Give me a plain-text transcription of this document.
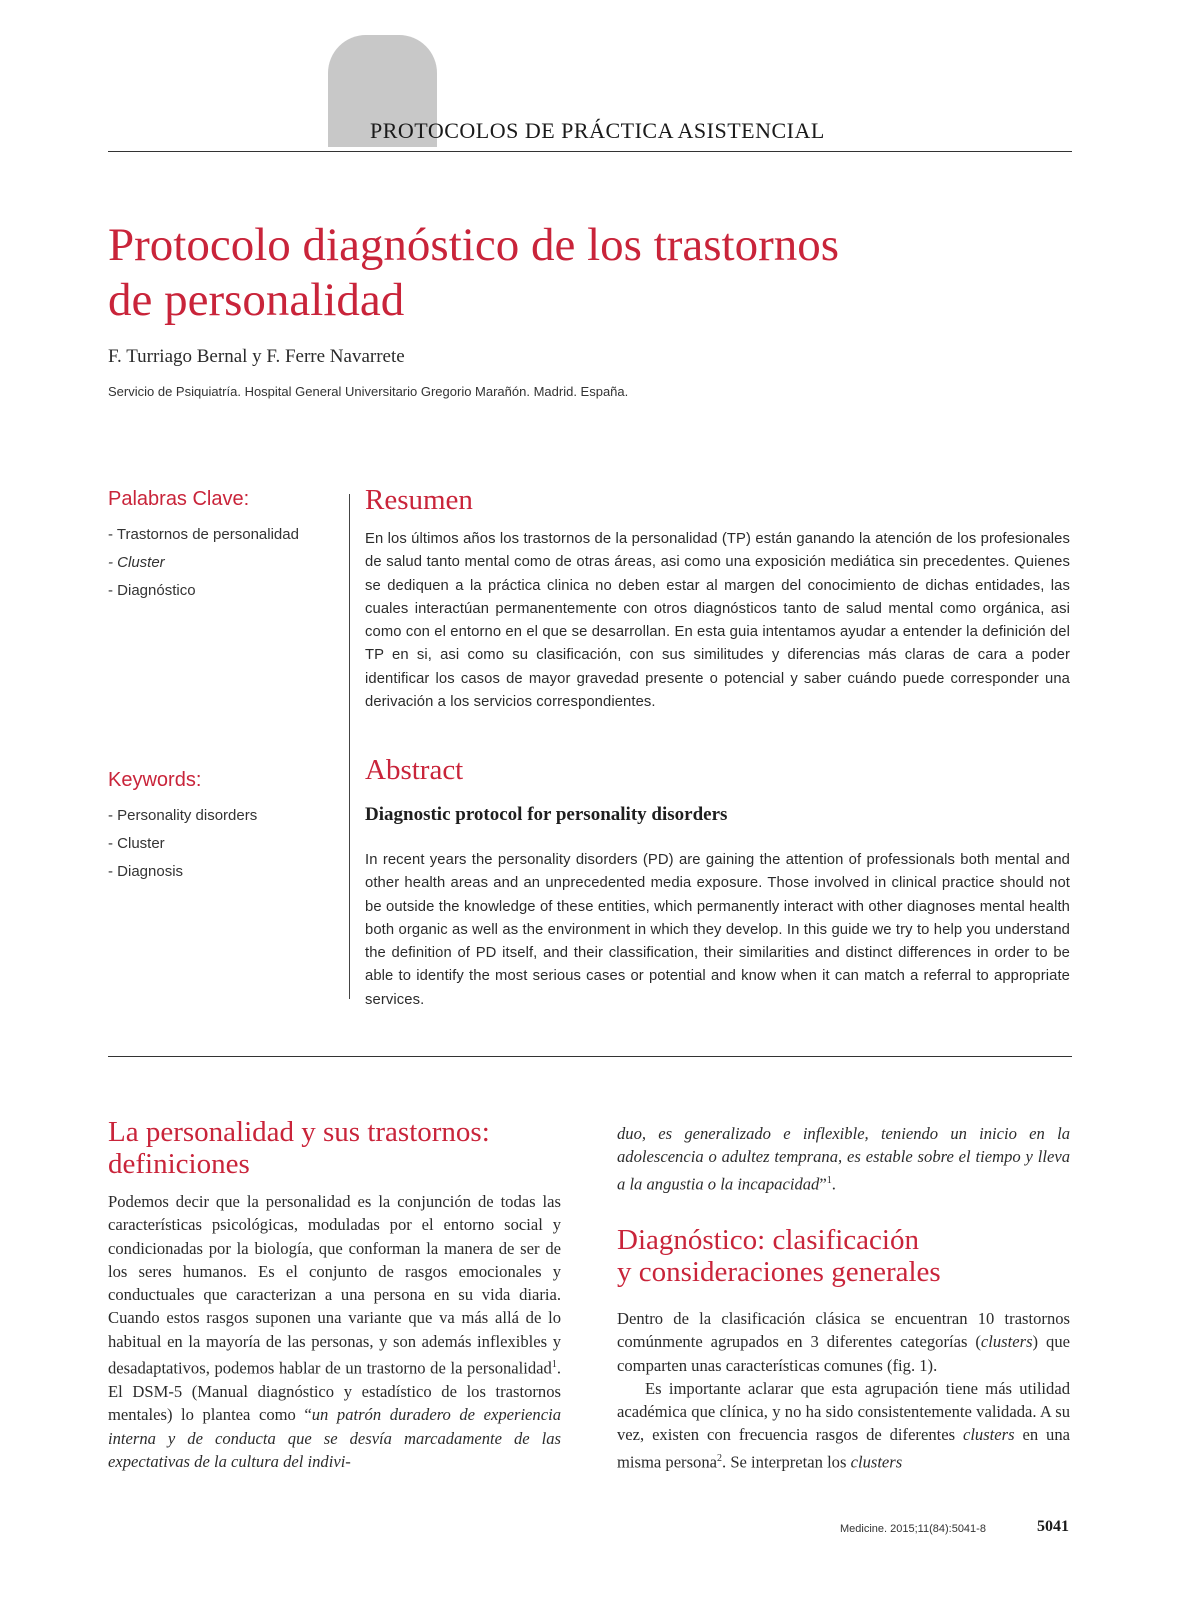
PROTOCOLOS DE PRÁCTICA ASISTENCIAL
Protocolo diagnóstico de los trastornos
de personalidad
F. Turriago Bernal y F. Ferre Navarrete
Servicio de Psiquiatría. Hospital General Universitario Gregorio Marañón. Madrid. España.
Palabras Clave:
- Trastornos de personalidad
- Cluster
- Diagnóstico
Keywords:
- Personality disorders
- Cluster
- Diagnosis
Resumen
En los últimos años los trastornos de la personalidad (TP) están ganando la atención de los profesionales de salud tanto mental como de otras áreas, asi como una exposición mediática sin precedentes. Quienes se dediquen a la práctica clinica no deben estar al margen del conocimiento de dichas entidades, las cuales interactúan permanentemente con otros diagnósticos tanto de salud mental como orgánica, asi como con el entorno en el que se desarrollan. En esta guia intentamos ayudar a entender la definición del TP en si, asi como su clasificación, con sus similitudes y diferencias más claras de cara a poder identificar los casos de mayor gravedad presente o potencial y saber cuándo puede corresponder una derivación a los servicios correspondientes.
Abstract
Diagnostic protocol for personality disorders
In recent years the personality disorders (PD) are gaining the attention of professionals both mental and other health areas and an unprecedented media exposure. Those involved in clinical practice should not be outside the knowledge of these entities, which permanently interact with other diagnoses mental health both organic as well as the environment in which they develop. In this guide we try to help you understand the definition of PD itself, and their classification, their similarities and distinct differences in order to be able to identify the most serious cases or potential and know when it can match a referral to appropriate services.
La personalidad y sus trastornos:
definiciones

Podemos decir que la personalidad es la conjunción de todas las características psicológicas, moduladas por el entorno social y condicionadas por la biología, que conforman la manera de ser de los seres humanos. Es el conjunto de rasgos emocionales y conductuales que caracterizan a una persona en su vida diaria. Cuando estos rasgos suponen una variante que va más allá de lo habitual en la mayoría de las personas, y son además inflexibles y desadaptativos, podemos hablar de un trastorno de la personalidad$^1$. El DSM-5 (Manual diagnóstico y estadístico de los trastornos mentales) lo plantea como “un patrón duradero de experiencia interna y de conducta que se desvía marcadamente de las expectativas de la cultura del indivi-

duo, es generalizado e inflexible, teniendo un inicio en la adolescencia o adultez temprana, es estable sobre el tiempo y lleva a la angustia o la incapacidad”$^1$.

Diagnóstico: clasificación
y consideraciones generales

Dentro de la clasificación clásica se encuentran 10 trastornos comúnmente agrupados en 3 diferentes categorías (clusters) que comparten unas características comunes (fig. 1).

Es importante aclarar que esta agrupación tiene más utilidad académica que clínica, y no ha sido consistentemente validada. A su vez, existen con frecuencia rasgos de diferentes clusters en una misma persona$^2$. Se interpretan los clusters

Medicine. 2015;11(84):5041-8	5041
